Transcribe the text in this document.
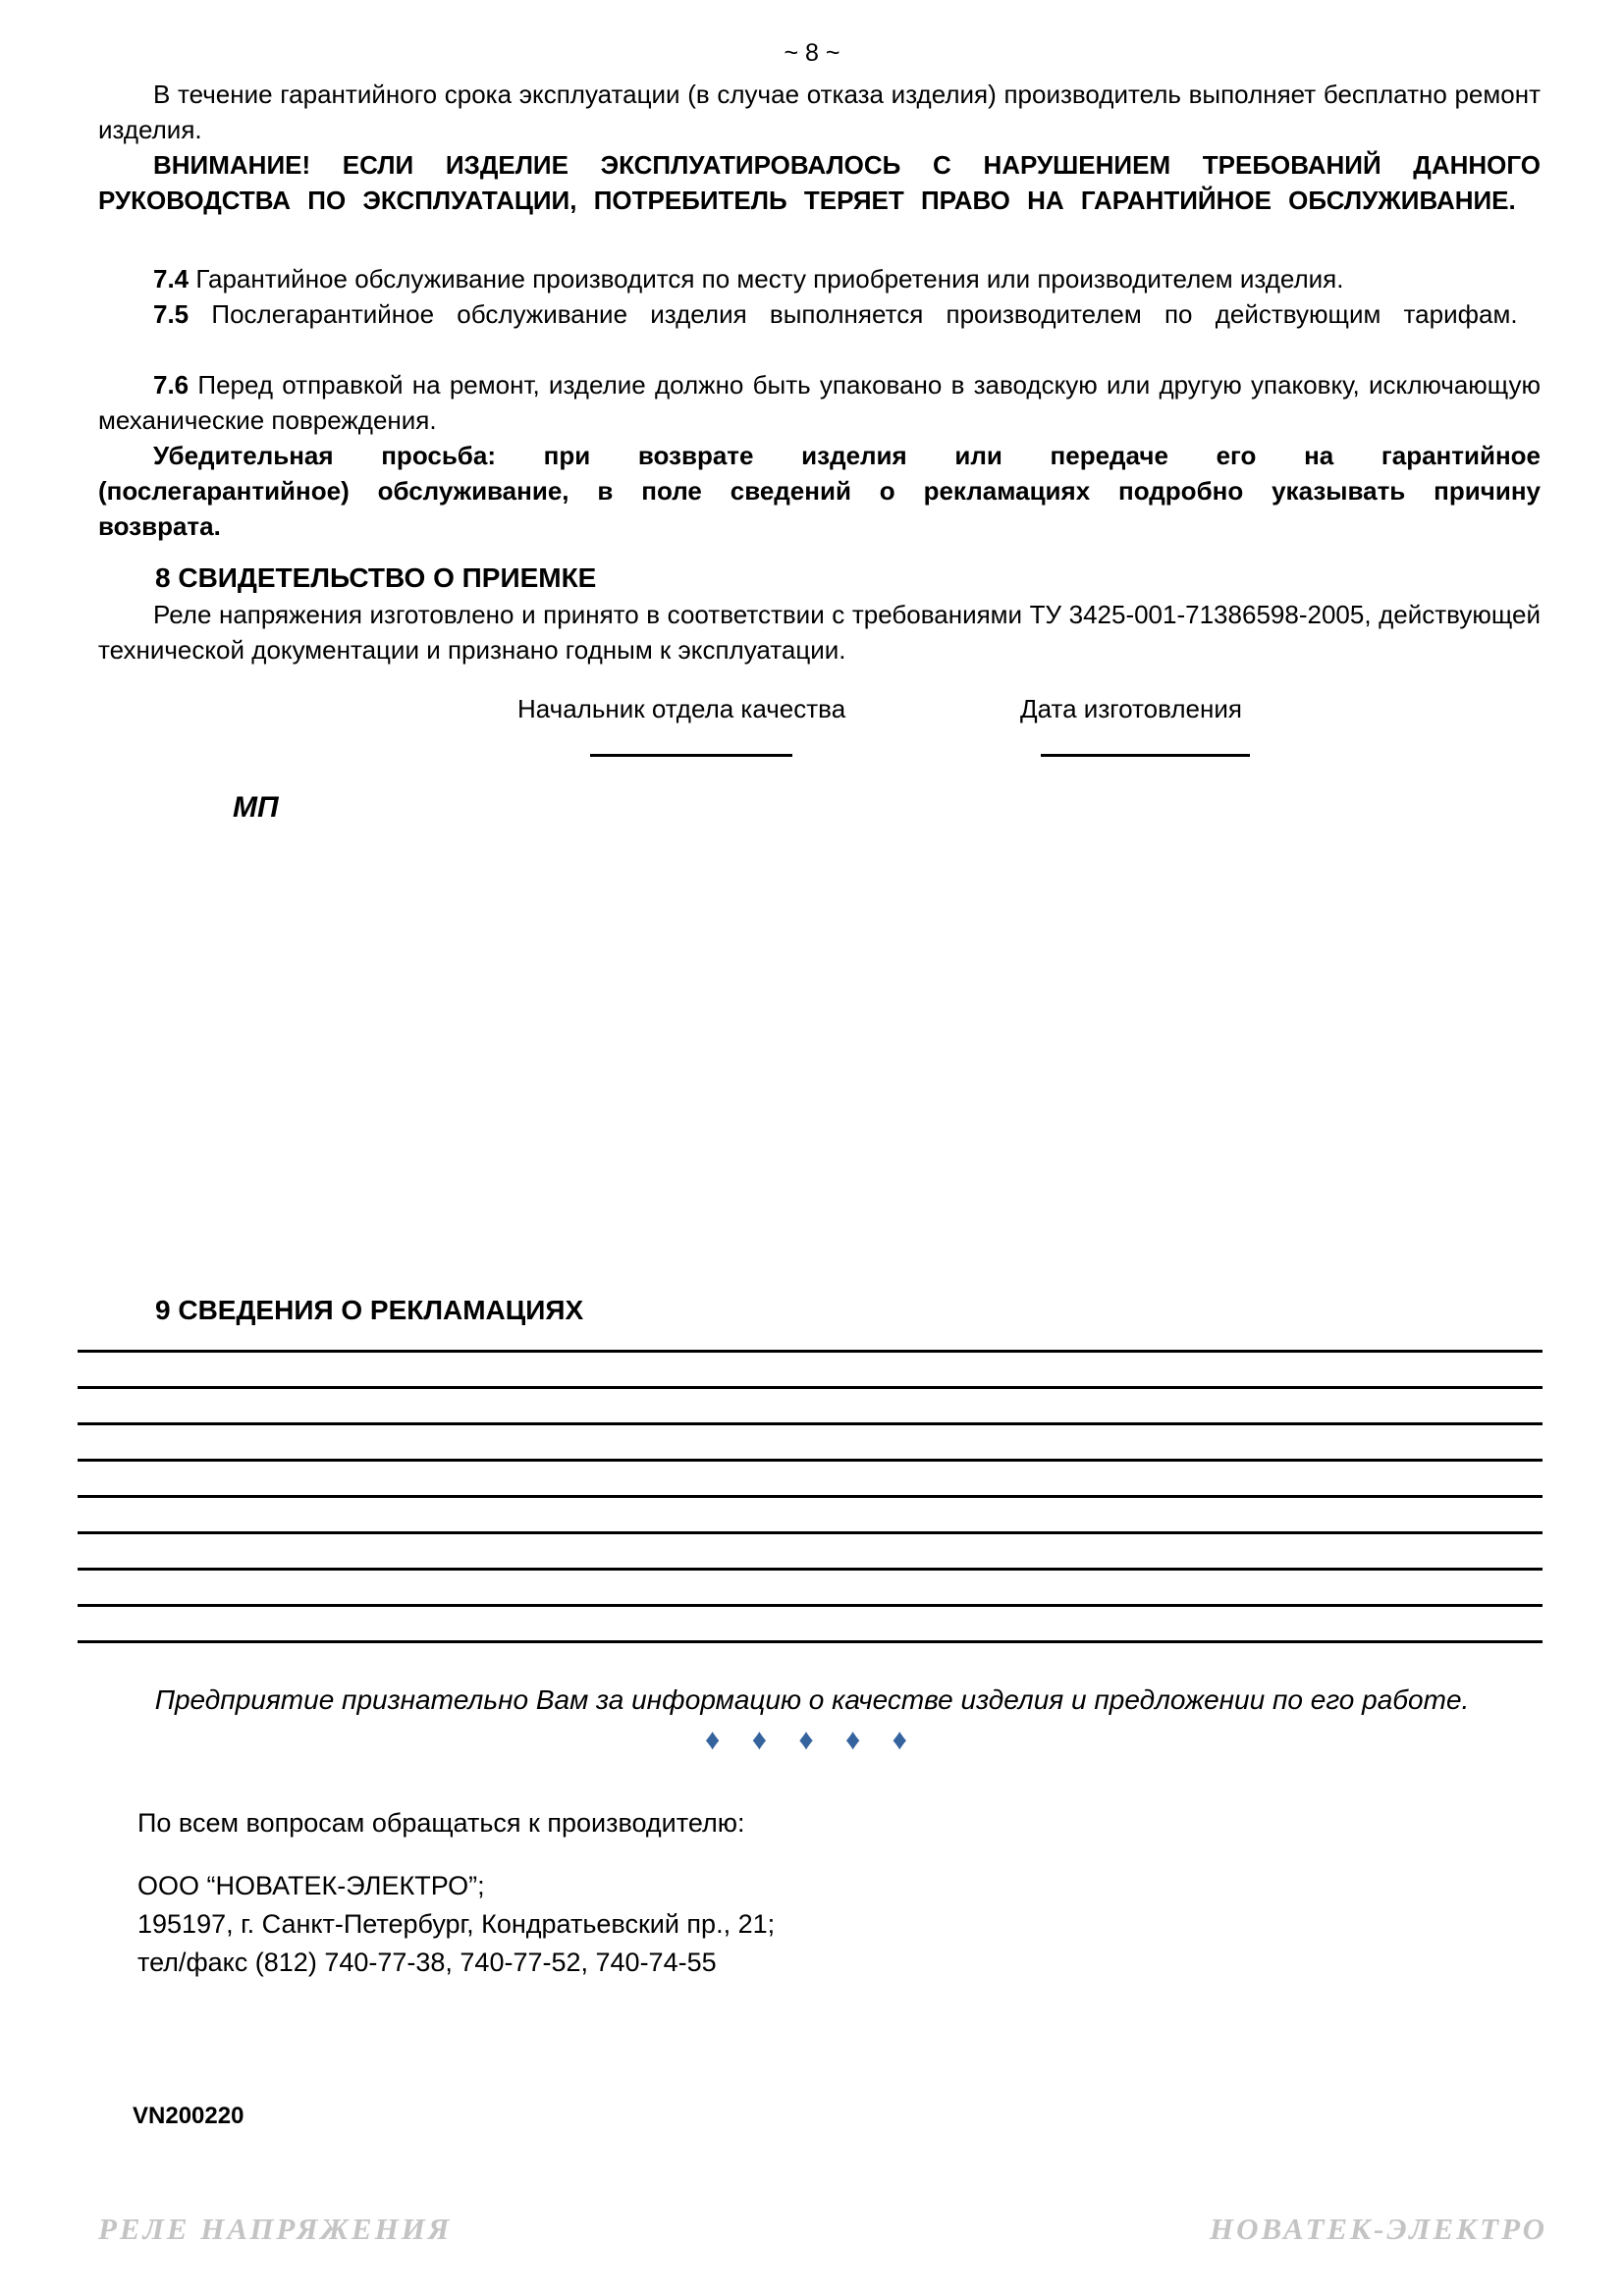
~ 8 ~

В течение гарантийного срока эксплуатации (в случае отказа изделия) производитель выполняет бесплатно ремонт изделия.

ВНИМАНИЕ! ЕСЛИ ИЗДЕЛИЕ ЭКСПЛУАТИРОВАЛОСЬ С НАРУШЕНИЕМ ТРЕБОВАНИЙ ДАННОГО РУКОВОДСТВА ПО ЭКСПЛУАТАЦИИ, ПОТРЕБИТЕЛЬ ТЕРЯЕТ ПРАВО НА ГАРАНТИЙНОЕ ОБСЛУЖИВАНИЕ.

7.4 Гарантийное обслуживание производится по месту приобретения или производителем изделия.

7.5 Послегарантийное обслуживание изделия выполняется производителем по действующим тарифам.

7.6 Перед отправкой на ремонт, изделие должно быть упаковано в заводскую или другую упаковку, исключающую механические повреждения.

Убедительная просьба: при возврате изделия или передаче его на гарантийное (послегарантийное) обслуживание, в поле сведений о рекламациях подробно указывать причину возврата.

8 СВИДЕТЕЛЬСТВО О ПРИЕМКЕ

Реле напряжения изготовлено и принято в соответствии с требованиями ТУ 3425-001-71386598-2005, действующей технической документации и признано годным к эксплуатации.

Начальник отдела качества	Дата изготовления
МП
9 СВЕДЕНИЯ О РЕКЛАМАЦИЯХ
Предприятие признательно Вам за информацию о качестве изделия и предложении по его работе.
♦ ♦ ♦ ♦ ♦
По всем вопросам обращаться к производителю:
ООО “НОВАТЕК-ЭЛЕКТРО”;
195197, г. Санкт-Петербург, Кондратьевский пр., 21;
тел/факс (812) 740-77-38, 740-77-52, 740-74-55
VN200220
РЕЛЕ НАПРЯЖЕНИЯ	НОВАТЕК-ЭЛЕКТРО
